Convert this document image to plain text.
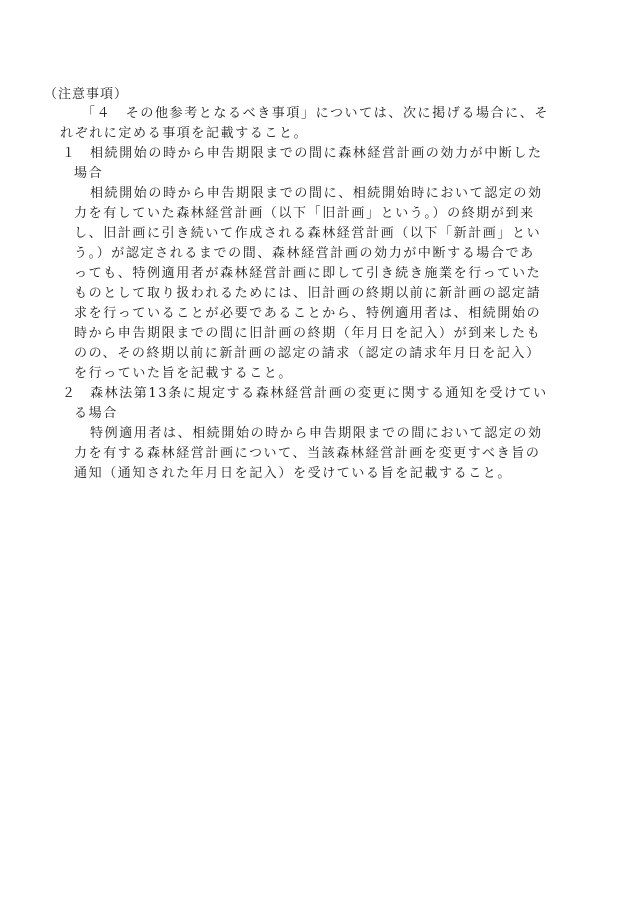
（注意事項）
「４　その他参考となるべき事項」については、次に掲げる場合に、そ
れぞれに定める事項を記載すること。
１ 相続開始の時から申告期限までの間に森林経営計画の効力が中断した
場合
相続開始の時から申告期限までの間に、相続開始時において認定の効
力を有していた森林経営計画（以下「旧計画」という。）の終期が到来
し、旧計画に引き続いて作成される森林経営計画（以下「新計画」とい
う。）が認定されるまでの間、森林経営計画の効力が中断する場合であ
っても、特例適用者が森林経営計画に即して引き続き施業を行っていた
ものとして取り扱われるためには、旧計画の終期以前に新計画の認定請
求を行っていることが必要であることから、特例適用者は、相続開始の
時から申告期限までの間に旧計画の終期（年月日を記入）が到来したも
のの、その終期以前に新計画の認定の請求（認定の請求年月日を記入）
を行っていた旨を記載すること。
２ 森林法第13条に規定する森林経営計画の変更に関する通知を受けてい
る場合
特例適用者は、相続開始の時から申告期限までの間において認定の効
力を有する森林経営計画について、当該森林経営計画を変更すべき旨の
通知（通知された年月日を記入）を受けている旨を記載すること。
